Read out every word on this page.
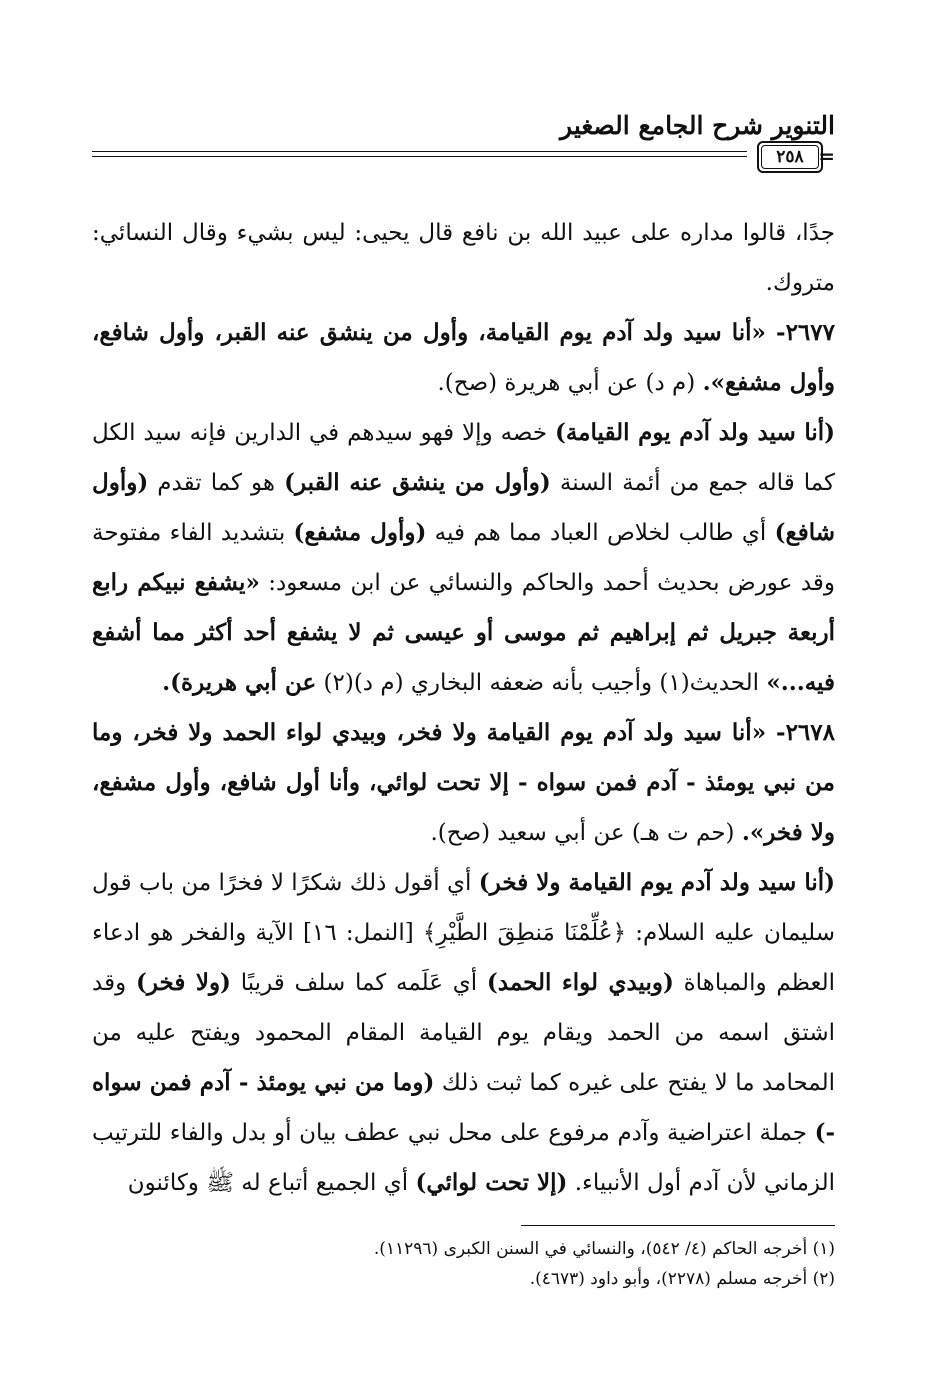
التنوير شرح الجامع الصغير
٢٥٨ =

جدًا، قالوا مداره على عبيد الله بن نافع قال يحيى: ليس بشيء وقال النسائي: متروك.

٢٦٧٧- «أنا سيد ولد آدم يوم القيامة، وأول من ينشق عنه القبر، وأول شافع، وأول مشفع». (م د) عن أبي هريرة (صح).

(أنا سيد ولد آدم يوم القيامة) خصه وإلا فهو سيدهم في الدارين فإنه سيد الكل كما قاله جمع من أئمة السنة (وأول من ينشق عنه القبر) هو كما تقدم (وأول شافع) أي طالب لخلاص العباد مما هم فيه (وأول مشفع) بتشديد الفاء مفتوحة وقد عورض بحديث أحمد والحاكم والنسائي عن ابن مسعود: «يشفع نبيكم رابع أربعة جبريل ثم إبراهيم ثم موسى أو عيسى ثم لا يشفع أحد أكثر مما أشفع فيه...» الحديث(١) وأجيب بأنه ضعفه البخاري (م د)(٢) عن أبي هريرة).

٢٦٧٨- «أنا سيد ولد آدم يوم القيامة ولا فخر، وبيدي لواء الحمد ولا فخر، وما من نبي يومئذ - آدم فمن سواه - إلا تحت لوائي، وأنا أول شافع، وأول مشفع، ولا فخر». (حم ت هـ) عن أبي سعيد (صح).

(أنا سيد ولد آدم يوم القيامة ولا فخر) أي أقول ذلك شكرًا لا فخرًا من باب قول سليمان عليه السلام: ﴿عُلِّمْنَا مَنطِقَ الطَّيْرِ﴾ [النمل: ١٦] الآية والفخر هو ادعاء العظم والمباهاة (وبيدي لواء الحمد) أي عَلَمه كما سلف قريبًا (ولا فخر) وقد اشتق اسمه من الحمد ويقام يوم القيامة المقام المحمود ويفتح عليه من المحامد ما لا يفتح على غيره كما ثبت ذلك (وما من نبي يومئذ - آدم فمن سواه -) جملة اعتراضية وآدم مرفوع على محل نبي عطف بيان أو بدل والفاء للترتيب الزماني لأن آدم أول الأنبياء. (إلا تحت لوائي) أي الجميع أتباع له ﷺ وكائنون

(١) أخرجه الحاكم (٤/ ٥٤٢)، والنسائي في السنن الكبرى (١١٢٩٦).

(٢) أخرجه مسلم (٢٢٧٨)، وأبو داود (٤٦٧٣).
